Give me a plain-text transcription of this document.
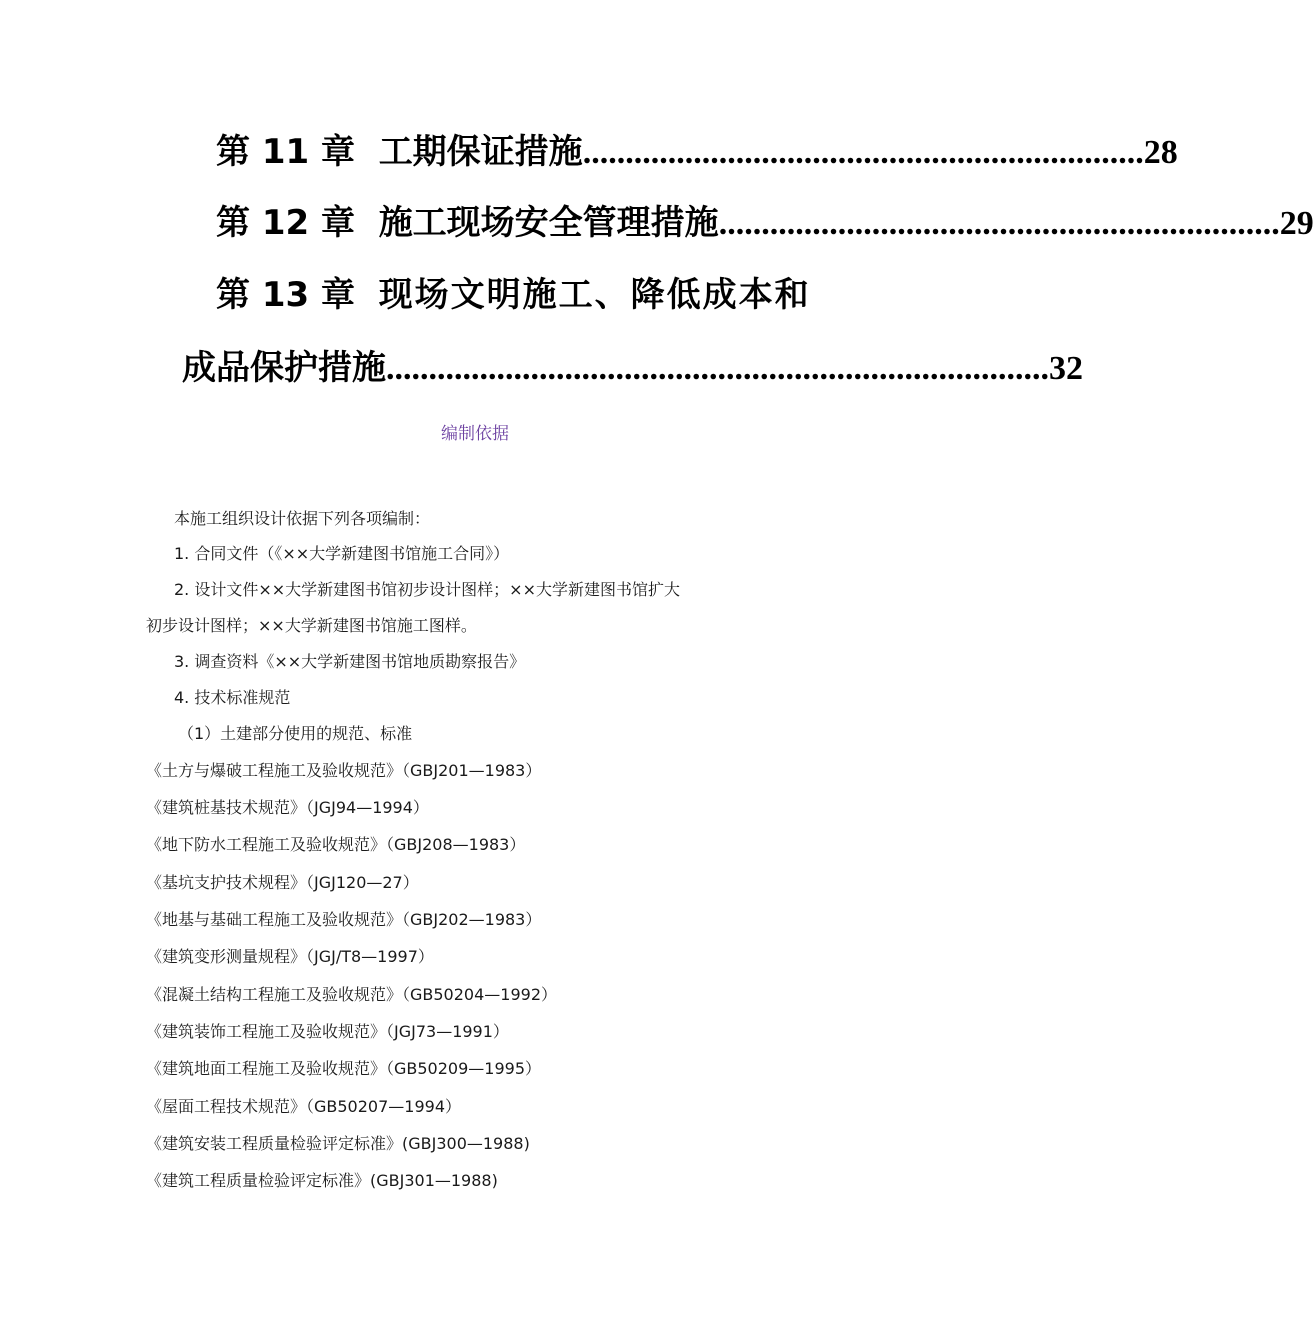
第 11 章
工期保证措施 .................................................................. 28
第 12 章
施工现场安全管理措施 .................................................................. 29
第 13 章
现场文明施工、降低成本和
成品保护措施 .............................................................................. 32
编制依据
本施工组织设计依据下列各项编制：
1. 合同文件（《××大学新建图书馆施工合同》）
2. 设计文件××大学新建图书馆初步设计图样；××大学新建图书馆扩大
初步设计图样；××大学新建图书馆施工图样。
3. 调查资料《××大学新建图书馆地质勘察报告》
4. 技术标准规范
（1）土建部分使用的规范、标准
《土方与爆破工程施工及验收规范》（GBJ201—1983）
《建筑桩基技术规范》（JGJ94—1994）
《地下防水工程施工及验收规范》（GBJ208—1983）
《基坑支护技术规程》（JGJ120—27）
《地基与基础工程施工及验收规范》（GBJ202—1983）
《建筑变形测量规程》（JGJ/T8—1997）
《混凝土结构工程施工及验收规范》（GB50204—1992）
《建筑装饰工程施工及验收规范》（JGJ73—1991）
《建筑地面工程施工及验收规范》（GB50209—1995）
《屋面工程技术规范》（GB50207—1994）
《建筑安装工程质量检验评定标准》(GBJ300—1988)
《建筑工程质量检验评定标准》(GBJ301—1988)
